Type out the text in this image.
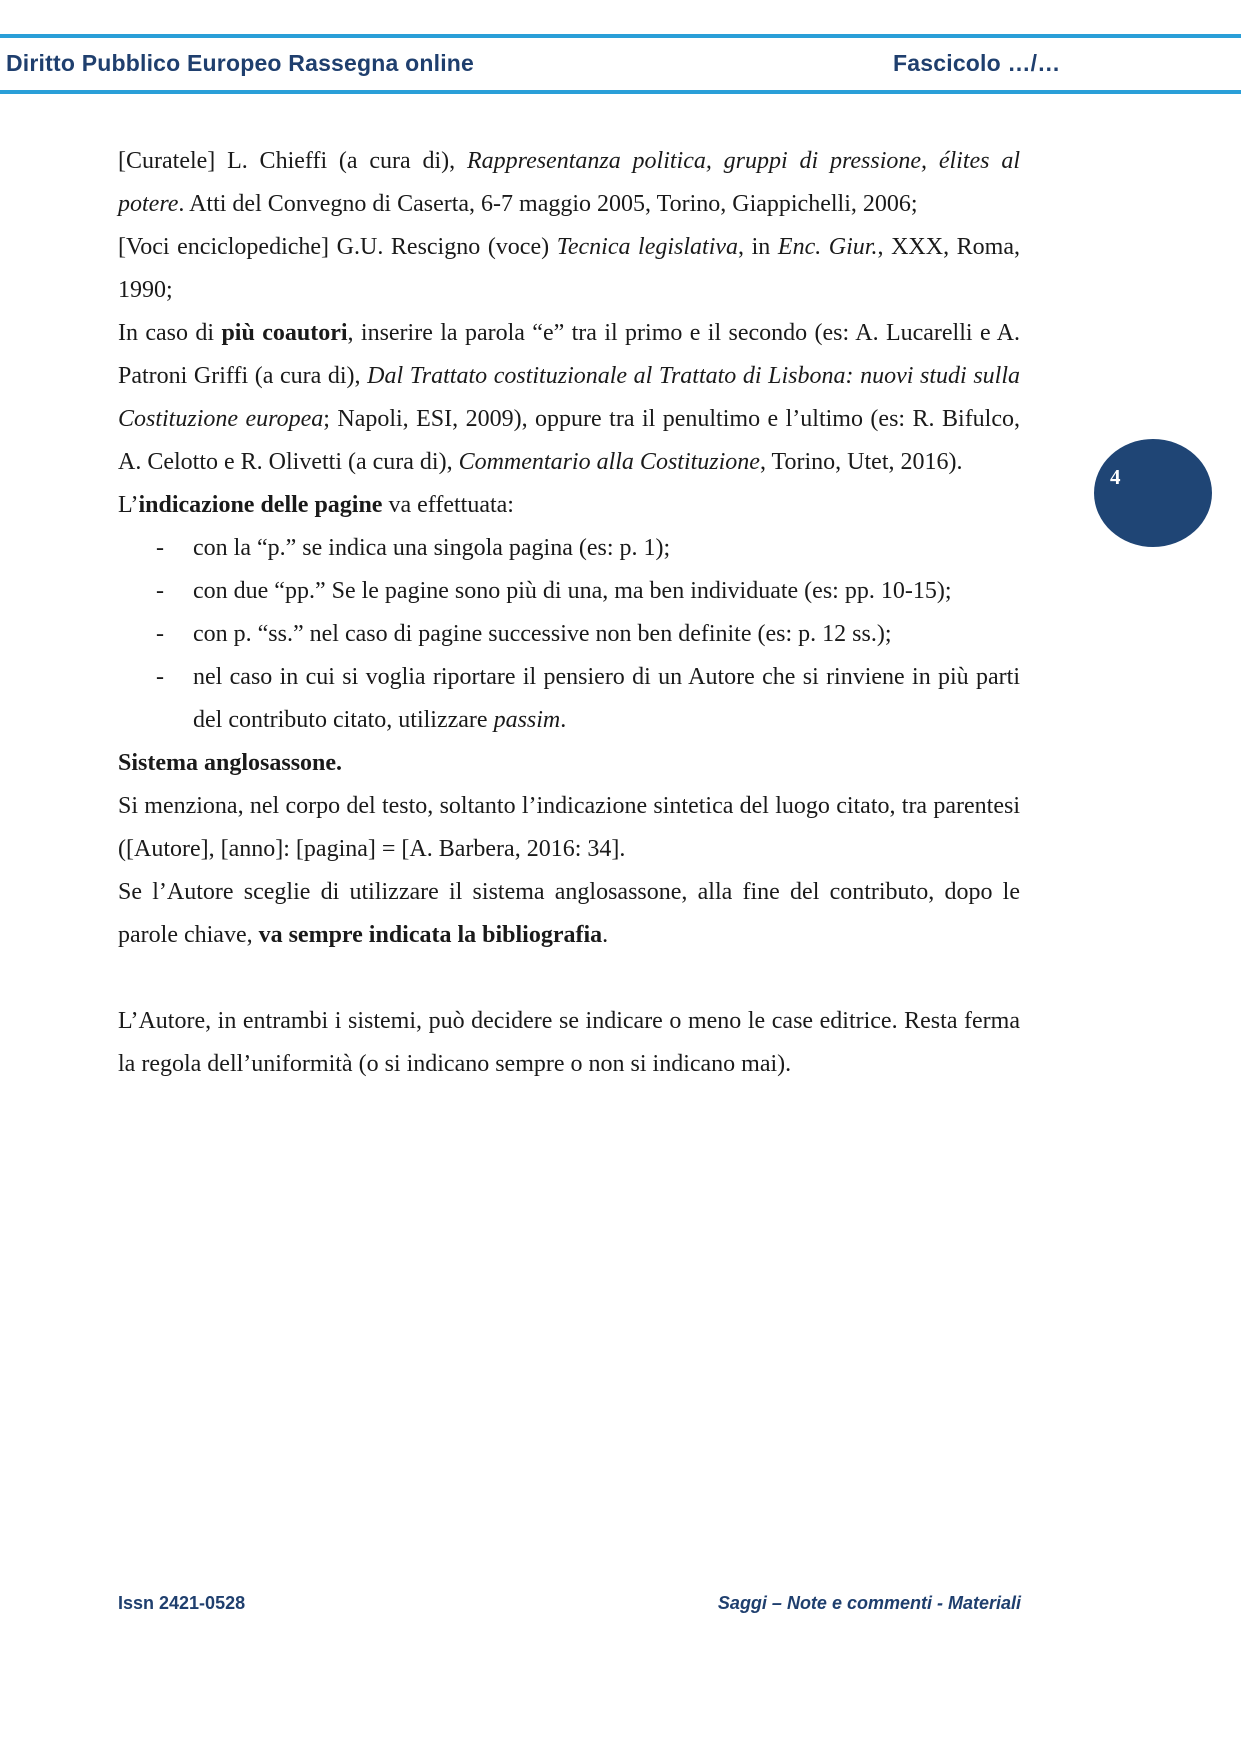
Diritto Pubblico Europeo Rassegna online	Fascicolo …/…
4

[Curatele] L. Chieffi (a cura di), Rappresentanza politica, gruppi di pressione, élites al potere. Atti del Convegno di Caserta, 6-7 maggio 2005, Torino, Giappichelli, 2006;

[Voci enciclopediche] G.U. Rescigno (voce) Tecnica legislativa, in Enc. Giur., XXX, Roma, 1990;

In caso di più coautori, inserire la parola “e” tra il primo e il secondo (es: A. Lucarelli e A. Patroni Griffi (a cura di), Dal Trattato costituzionale al Trattato di Lisbona: nuovi studi sulla Costituzione europea; Napoli, ESI, 2009), oppure tra il penultimo e l’ultimo (es: R. Bifulco, A. Celotto e R. Olivetti (a cura di), Commentario alla Costituzione, Torino, Utet, 2016).

L’indicazione delle pagine va effettuata:

- con la “p.” se indica una singola pagina (es: p. 1);
- con due “pp.” Se le pagine sono più di una, ma ben individuate (es: pp. 10-15);
- con p. “ss.” nel caso di pagine successive non ben definite (es: p. 12 ss.);
- nel caso in cui si voglia riportare il pensiero di un Autore che si rinviene in più parti del contributo citato, utilizzare passim.

Sistema anglosassone.

Si menziona, nel corpo del testo, soltanto l’indicazione sintetica del luogo citato, tra parentesi ([Autore], [anno]: [pagina] = [A. Barbera, 2016: 34].

Se l’Autore sceglie di utilizzare il sistema anglosassone, alla fine del contributo, dopo le parole chiave, va sempre indicata la bibliografia.

L’Autore, in entrambi i sistemi, può decidere se indicare o meno le case editrice. Resta ferma la regola dell’uniformità (o si indicano sempre o non si indicano mai).

Issn 2421-0528	Saggi – Note e commenti - Materiali
